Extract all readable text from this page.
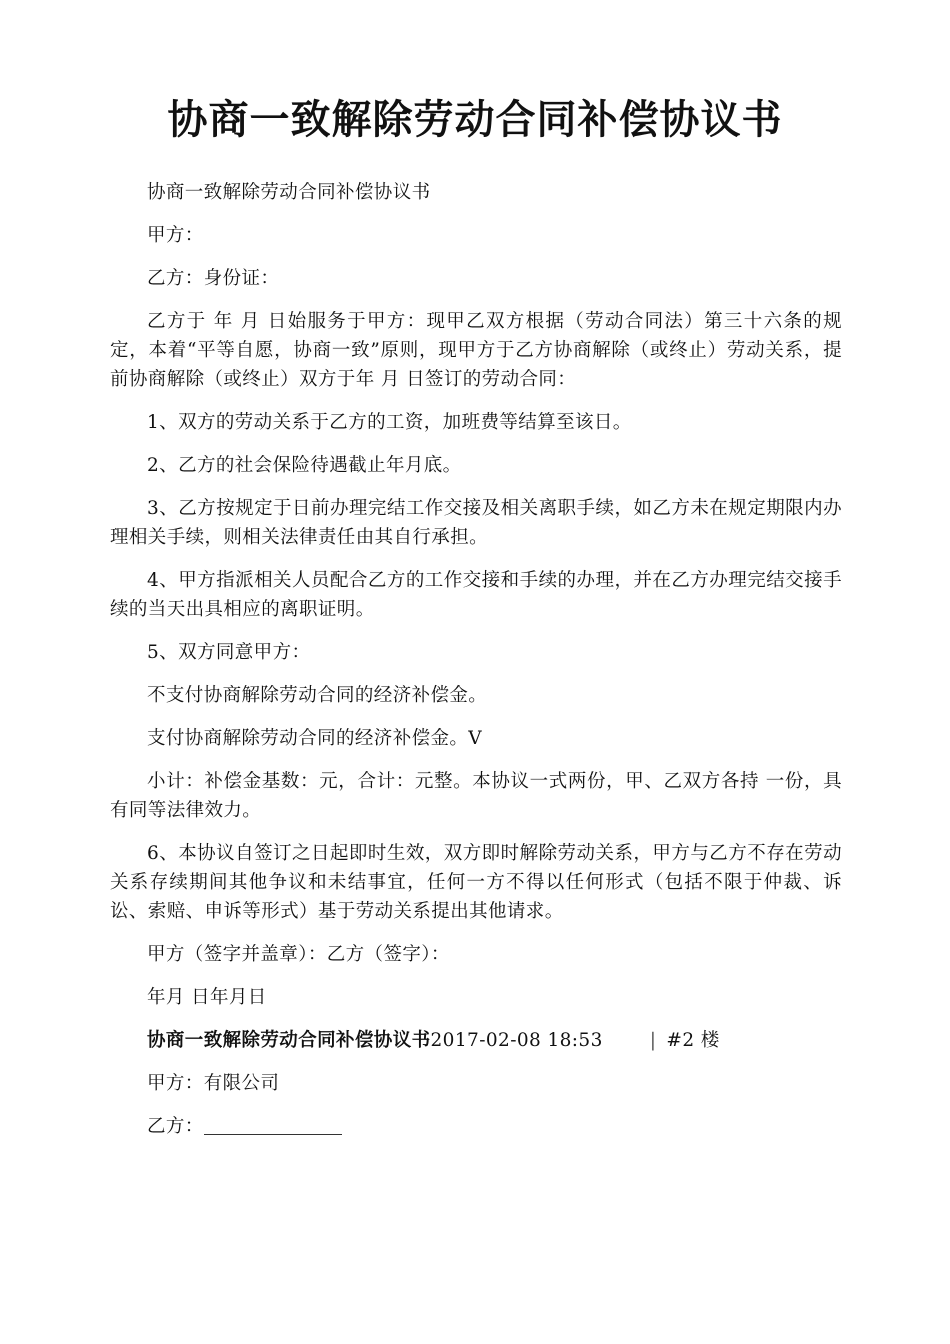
协商一致解除劳动合同补偿协议书

协商一致解除劳动合同补偿协议书

甲方：

乙方：身份证：

乙方于 年 月 日始服务于甲方：现甲乙双方根据（劳动合同法）第三十六条的规定，本着“平等自愿，协商一致”原则，现甲方于乙方协商解除（或终止）劳动关系，提前协商解除（或终止）双方于年 月 日签订的劳动合同：

1、双方的劳动关系于乙方的工资，加班费等结算至该日。

2、乙方的社会保险待遇截止年月底。

3、乙方按规定于日前办理完结工作交接及相关离职手续，如乙方未在规定期限内办理相关手续，则相关法律责任由其自行承担。

4、甲方指派相关人员配合乙方的工作交接和手续的办理，并在乙方办理完结交接手续的当天出具相应的离职证明。

5、双方同意甲方：

不支付协商解除劳动合同的经济补偿金。

支付协商解除劳动合同的经济补偿金。V

小计：补偿金基数：元，合计：元整。本协议一式两份，甲、乙双方各持 一份，具有同等法律效力。

6、本协议自签订之日起即时生效，双方即时解除劳动关系，甲方与乙方不存在劳动关系存续期间其他争议和未结事宜，任何一方不得以任何形式（包括不限于仲裁、诉讼、索赔、申诉等形式）基于劳动关系提出其他请求。

甲方（签字并盖章）：乙方（签字）：

年月 日年月日

协商一致解除劳动合同补偿协议书2017-02-08 18:53	| #2 楼

甲方：有限公司

乙方：
